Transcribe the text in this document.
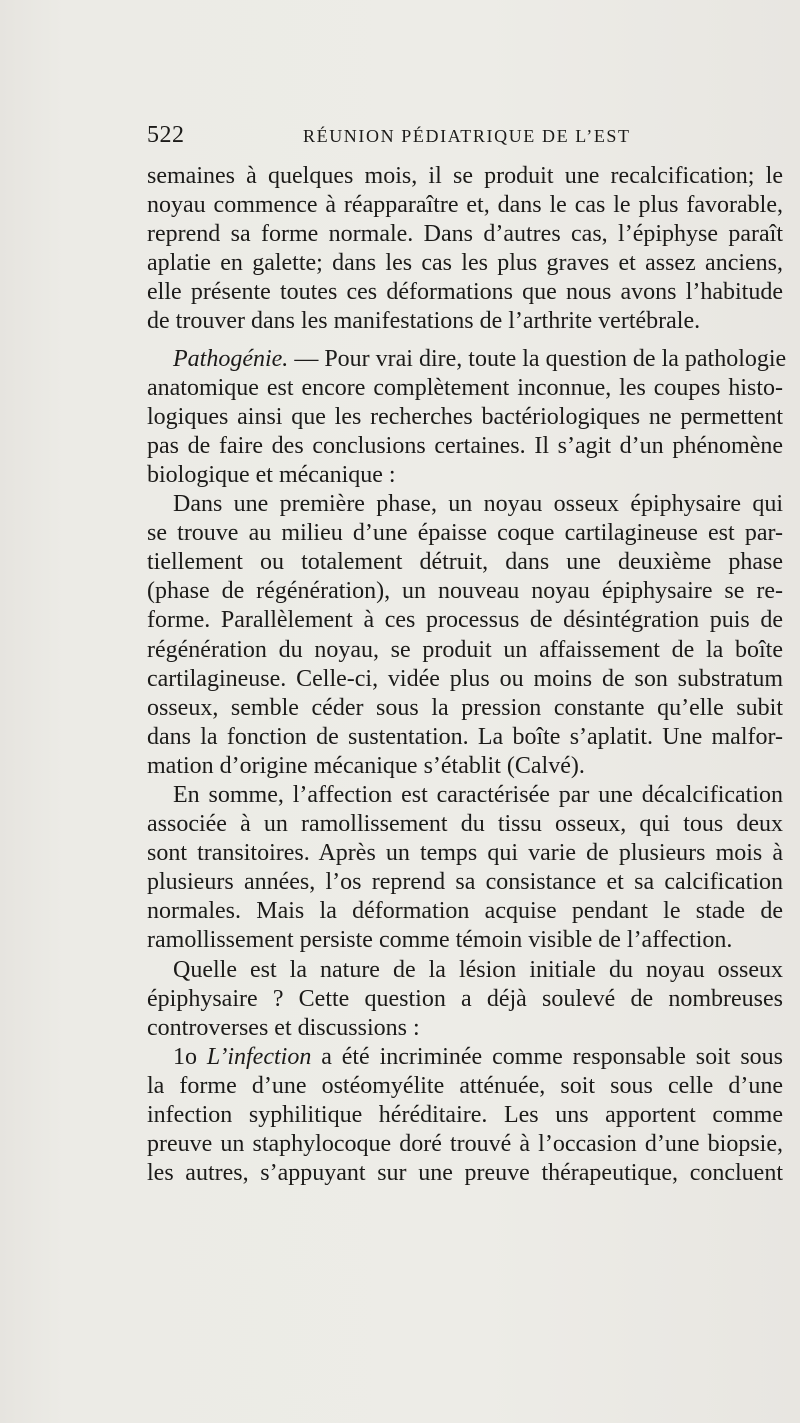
522	RÉUNION PÉDIATRIQUE DE L’EST
semaines à quelques mois, il se produit une recalcification; le
noyau commence à réapparaître et, dans le cas le plus favorable,
reprend sa forme normale. Dans d’autres cas, l’épiphyse paraît
aplatie en galette; dans les cas les plus graves et assez anciens,
elle présente toutes ces déformations que nous avons l’habitude
de trouver dans les manifestations de l’arthrite vertébrale.
Pathogénie. — Pour vrai dire, toute la question de la pathologie
anatomique est encore complètement inconnue, les coupes histo-
logiques ainsi que les recherches bactériologiques ne permettent
pas de faire des conclusions certaines. Il s’agit d’un phénomène
biologique et mécanique :
Dans une première phase, un noyau osseux épiphysaire qui
se trouve au milieu d’une épaisse coque cartilagineuse est par-
tiellement ou totalement détruit, dans une deuxième phase
(phase de régénération), un nouveau noyau épiphysaire se re-
forme. Parallèlement à ces processus de désintégration puis de
régénération du noyau, se produit un affaissement de la boîte
cartilagineuse. Celle-ci, vidée plus ou moins de son substratum
osseux, semble céder sous la pression constante qu’elle subit
dans la fonction de sustentation. La boîte s’aplatit. Une malfor-
mation d’origine mécanique s’établit (Calvé).
En somme, l’affection est caractérisée par une décalcification
associée à un ramollissement du tissu osseux, qui tous deux
sont transitoires. Après un temps qui varie de plusieurs mois à
plusieurs années, l’os reprend sa consistance et sa calcification
normales. Mais la déformation acquise pendant le stade de
ramollissement persiste comme témoin visible de l’affection.
Quelle est la nature de la lésion initiale du noyau osseux
épiphysaire ? Cette question a déjà soulevé de nombreuses
controverses et discussions :
1o L’infection a été incriminée comme responsable soit sous
la forme d’une ostéomyélite atténuée, soit sous celle d’une
infection syphilitique héréditaire. Les uns apportent comme
preuve un staphylocoque doré trouvé à l’occasion d’une biopsie,
les autres, s’appuyant sur une preuve thérapeutique, concluent
